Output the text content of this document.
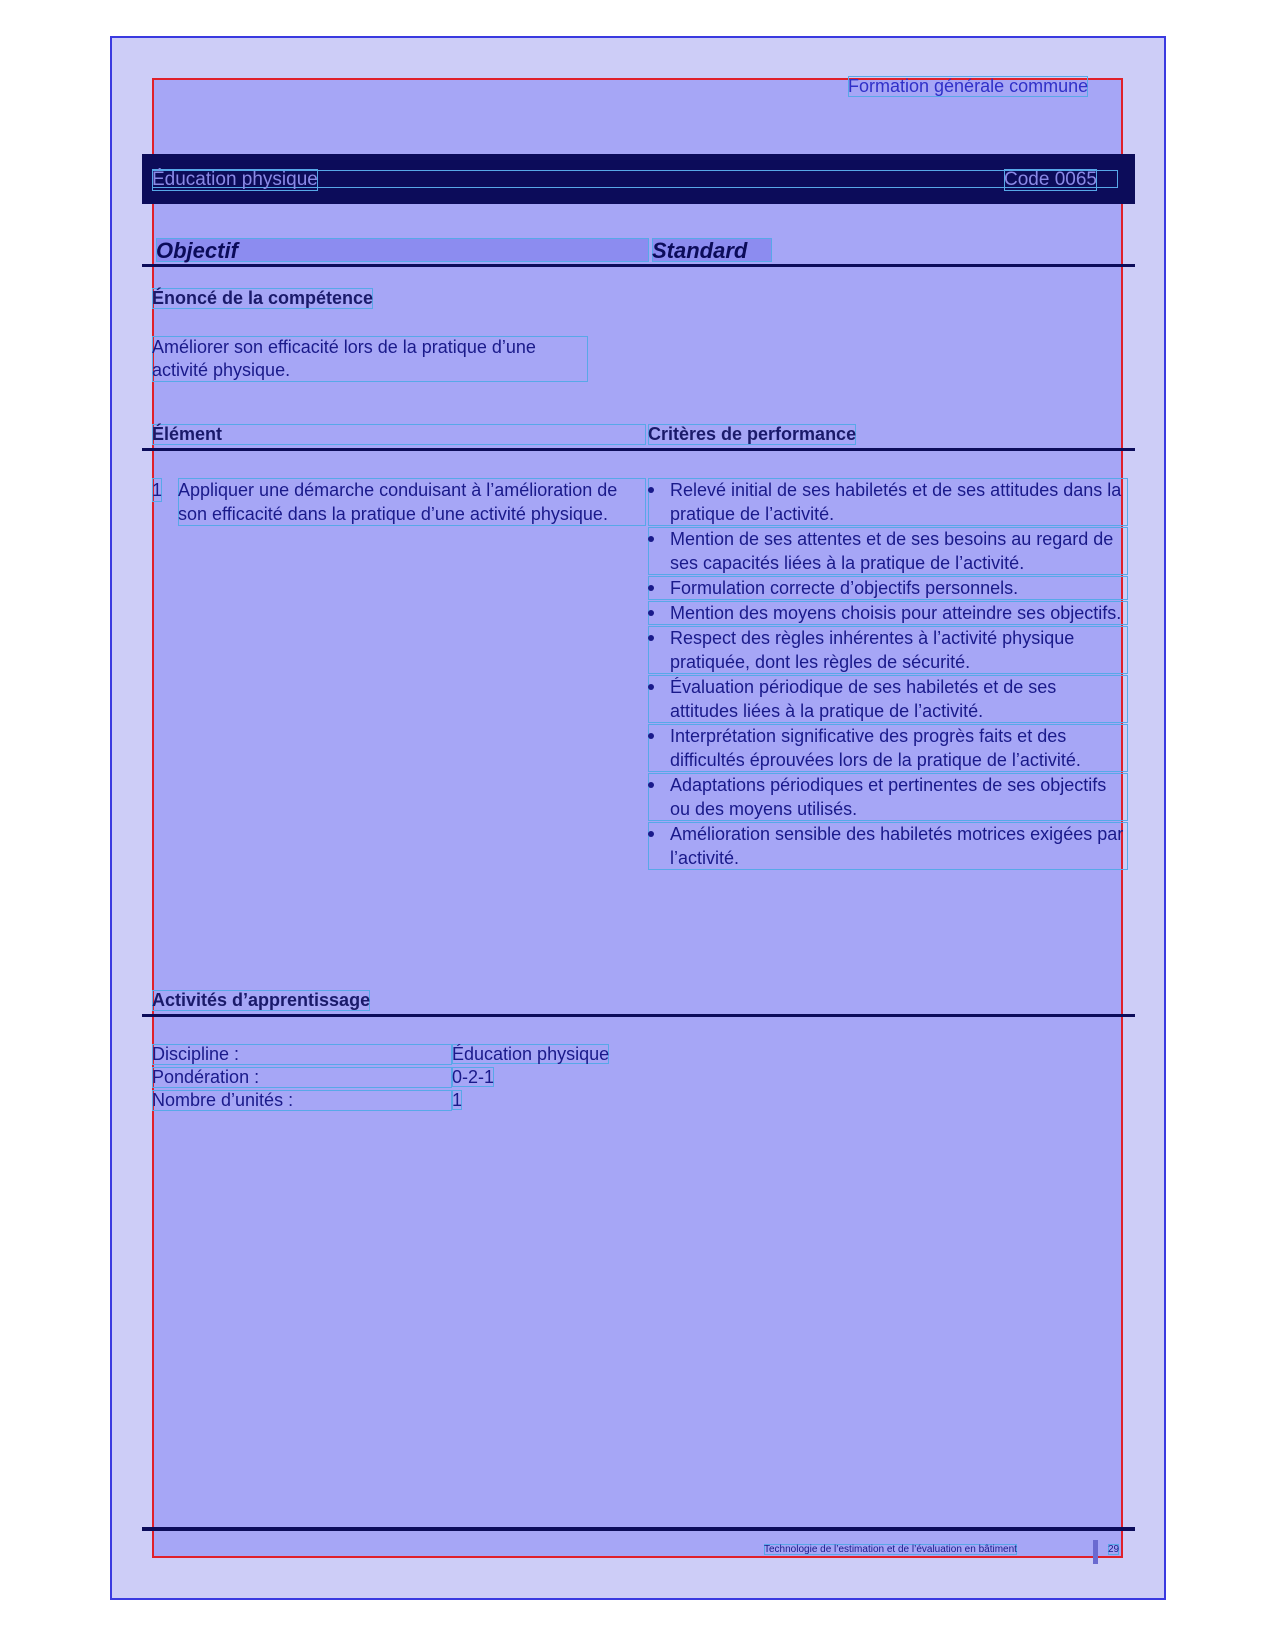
Formation générale commune
Éducation physique	Code 0065
Objectif	Standard
Énoncé de la compétence
Améliorer son efficacité lors de la pratique d’une activité physique.
Élément	Critères de performance
1 Appliquer une démarche conduisant à l’amélioration de son efficacité dans la pratique d’une activité physique.
Relevé initial de ses habiletés et de ses attitudes dans la pratique de l’activité.
Mention de ses attentes et de ses besoins au regard de ses capacités liées à la pratique de l’activité.
Formulation correcte d’objectifs personnels.
Mention des moyens choisis pour atteindre ses objectifs.
Respect des règles inhérentes à l’activité physique pratiquée, dont les règles de sécurité.
Évaluation périodique de ses habiletés et de ses attitudes liées à la pratique de l’activité.
Interprétation significative des progrès faits et des difficultés éprouvées lors de la pratique de l’activité.
Adaptations périodiques et pertinentes de ses objectifs ou des moyens utilisés.
Amélioration sensible des habiletés motrices exigées par l’activité.
Activités d’apprentissage
Discipline :	Éducation physique
Pondération :	0-2-1
Nombre d’unités :	1
Technologie de l’estimation et de l’évaluation en bâtiment	29
